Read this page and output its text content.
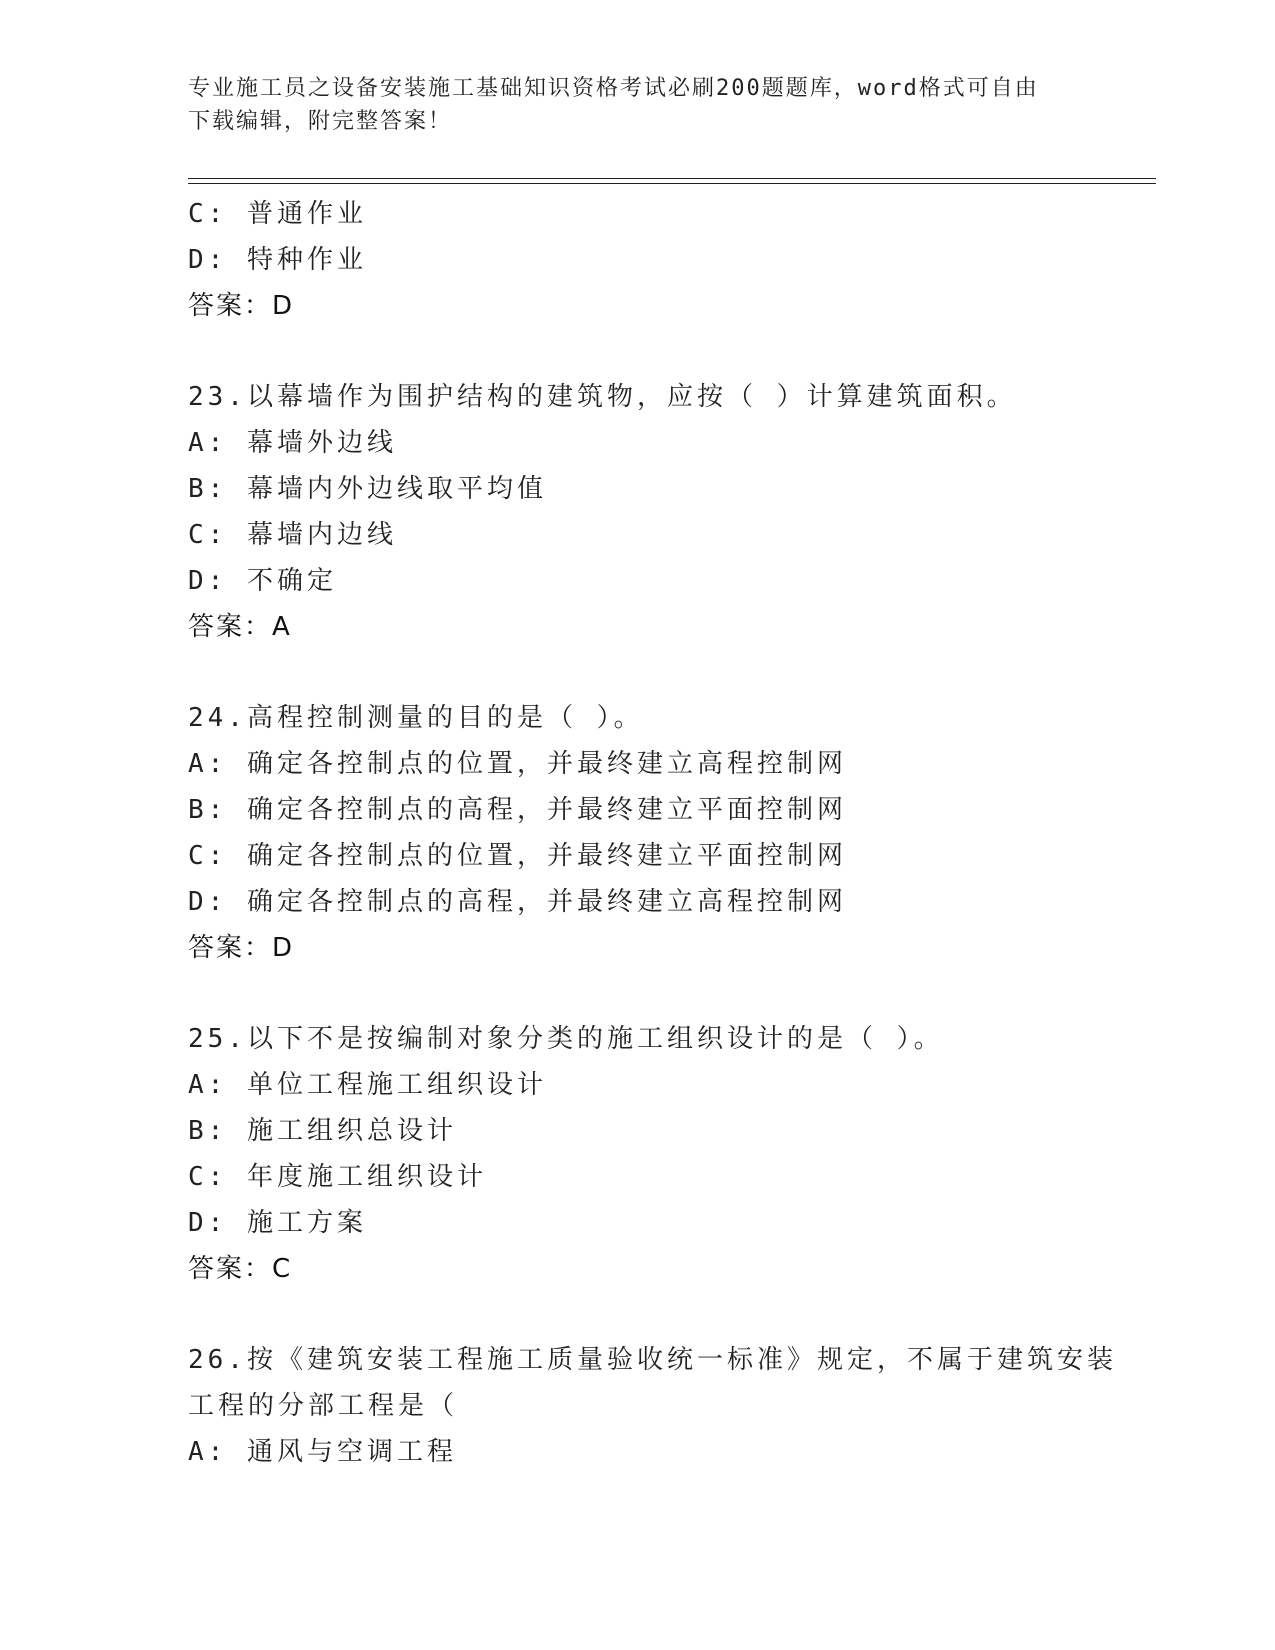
专业施工员之设备安装施工基础知识资格考试必刷200题题库，word格式可自由
下载编辑，附完整答案！
C: 普通作业
D: 特种作业
答案：D
23.以幕墙作为围护结构的建筑物，应按（ ）计算建筑面积。
A: 幕墙外边线
B: 幕墙内外边线取平均值
C: 幕墙内边线
D: 不确定
答案：A
24.高程控制测量的目的是（ ）。
A: 确定各控制点的位置，并最终建立高程控制网
B: 确定各控制点的高程，并最终建立平面控制网
C: 确定各控制点的位置，并最终建立平面控制网
D: 确定各控制点的高程，并最终建立高程控制网
答案：D
25.以下不是按编制对象分类的施工组织设计的是（ ）。
A: 单位工程施工组织设计
B: 施工组织总设计
C: 年度施工组织设计
D: 施工方案
答案：C
26.按《建筑安装工程施工质量验收统一标准》规定，不属于建筑安装
工程的分部工程是（
A: 通风与空调工程
